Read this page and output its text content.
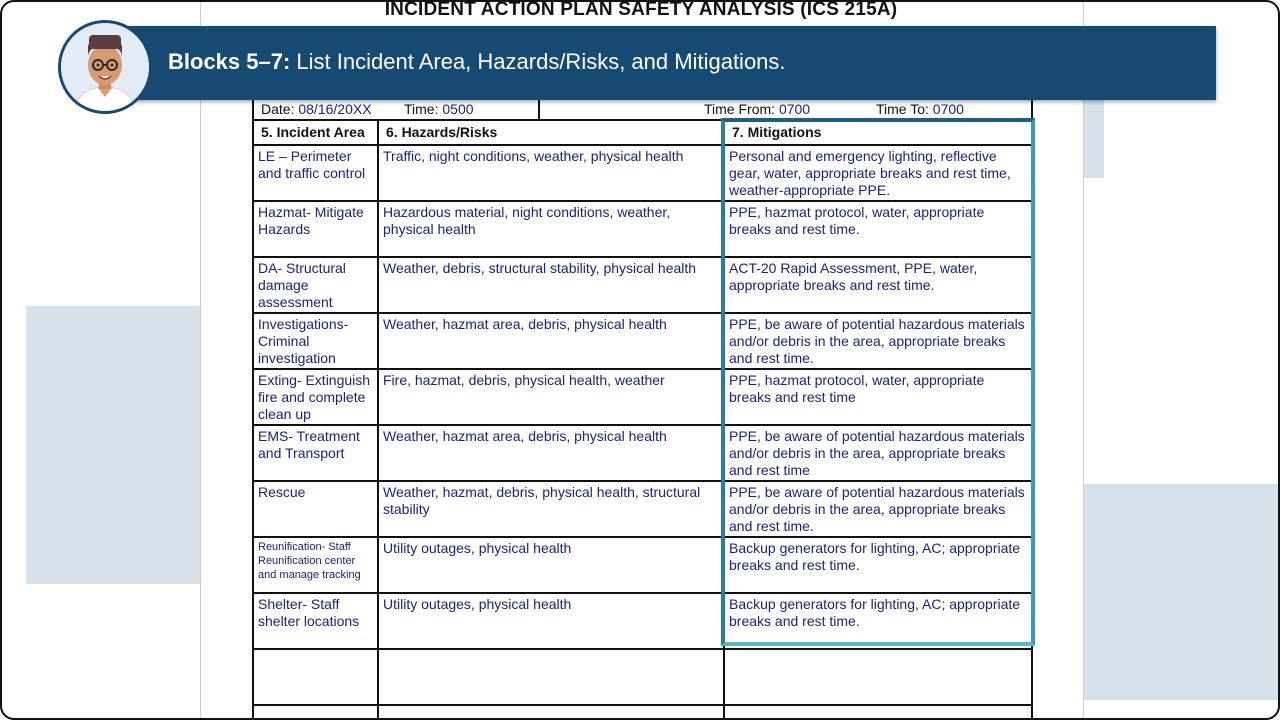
INCIDENT ACTION PLAN SAFETY ANALYSIS (ICS 215A)
Date: 08/16/20XX Time: 0500	Time From: 0700	Time To: 0700
5. Incident Area	6. Hazards/Risks	7. Mitigations
LE – Perimeter and traffic control	Traffic, night conditions, weather, physical health	Personal and emergency lighting, reflective gear, water, appropriate breaks and rest time, weather-appropriate PPE.
Hazmat- Mitigate Hazards	Hazardous material, night conditions, weather, physical health	PPE, hazmat protocol, water, appropriate breaks and rest time.
DA- Structural damage assessment	Weather, debris, structural stability, physical health	ACT-20 Rapid Assessment, PPE, water, appropriate breaks and rest time.
Investigations- Criminal investigation	Weather, hazmat area, debris, physical health	PPE, be aware of potential hazardous materials and/or debris in the area, appropriate breaks and rest time.
Exting- Extinguish fire and complete clean up	Fire, hazmat, debris, physical health, weather	PPE, hazmat protocol, water, appropriate breaks and rest time
EMS- Treatment and Transport	Weather, hazmat area, debris, physical health	PPE, be aware of potential hazardous materials and/or debris in the area, appropriate breaks and rest time
Rescue	Weather, hazmat, debris, physical health, structural stability	PPE, be aware of potential hazardous materials and/or debris in the area, appropriate breaks and rest time.
Reunification- Staff Reunification center and manage tracking	Utility outages, physical health	Backup generators for lighting, AC; appropriate breaks and rest time.
Shelter- Staff shelter locations	Utility outages, physical health	Backup generators for lighting, AC; appropriate breaks and rest time.

Blocks 5–7: List Incident Area, Hazards/Risks, and Mitigations.
